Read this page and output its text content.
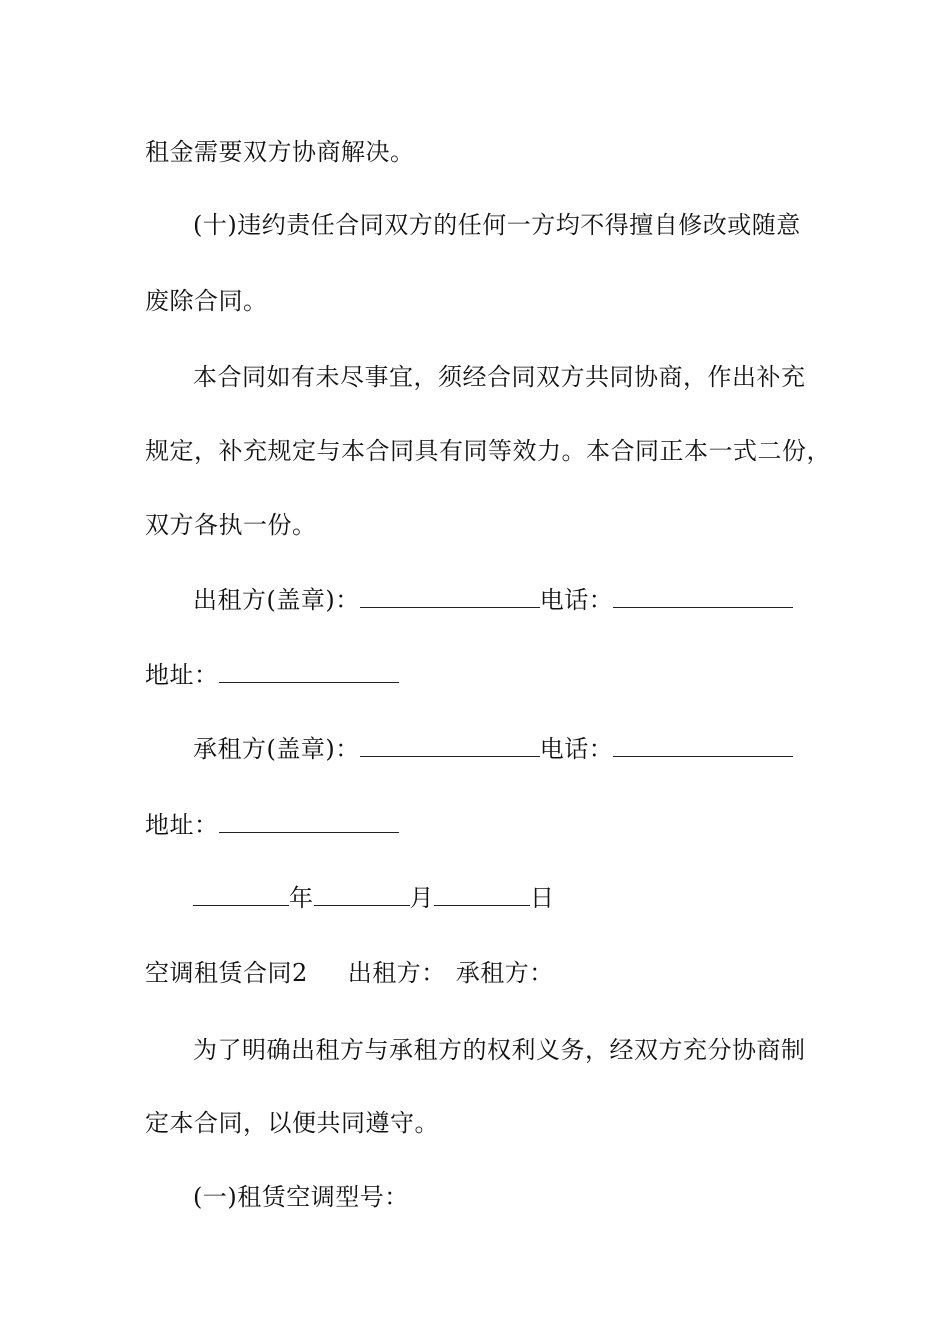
租金需要双方协商解决。
(十)违约责任合同双方的任何一方均不得擅自修改或随意
废除合同。
本合同如有未尽事宜，须经合同双方共同协商，作出补充
规定，补充规定与本合同具有同等效力。本合同正本一式二份，
双方各执一份。
出租方(盖章)：	电话：
地址：
承租方(盖章)：	电话：
地址：
年	月	日
空调租赁合同2 出租方： 承租方：
为了明确出租方与承租方的权利义务，经双方充分协商制
定本合同，以便共同遵守。
(一)租赁空调型号：
